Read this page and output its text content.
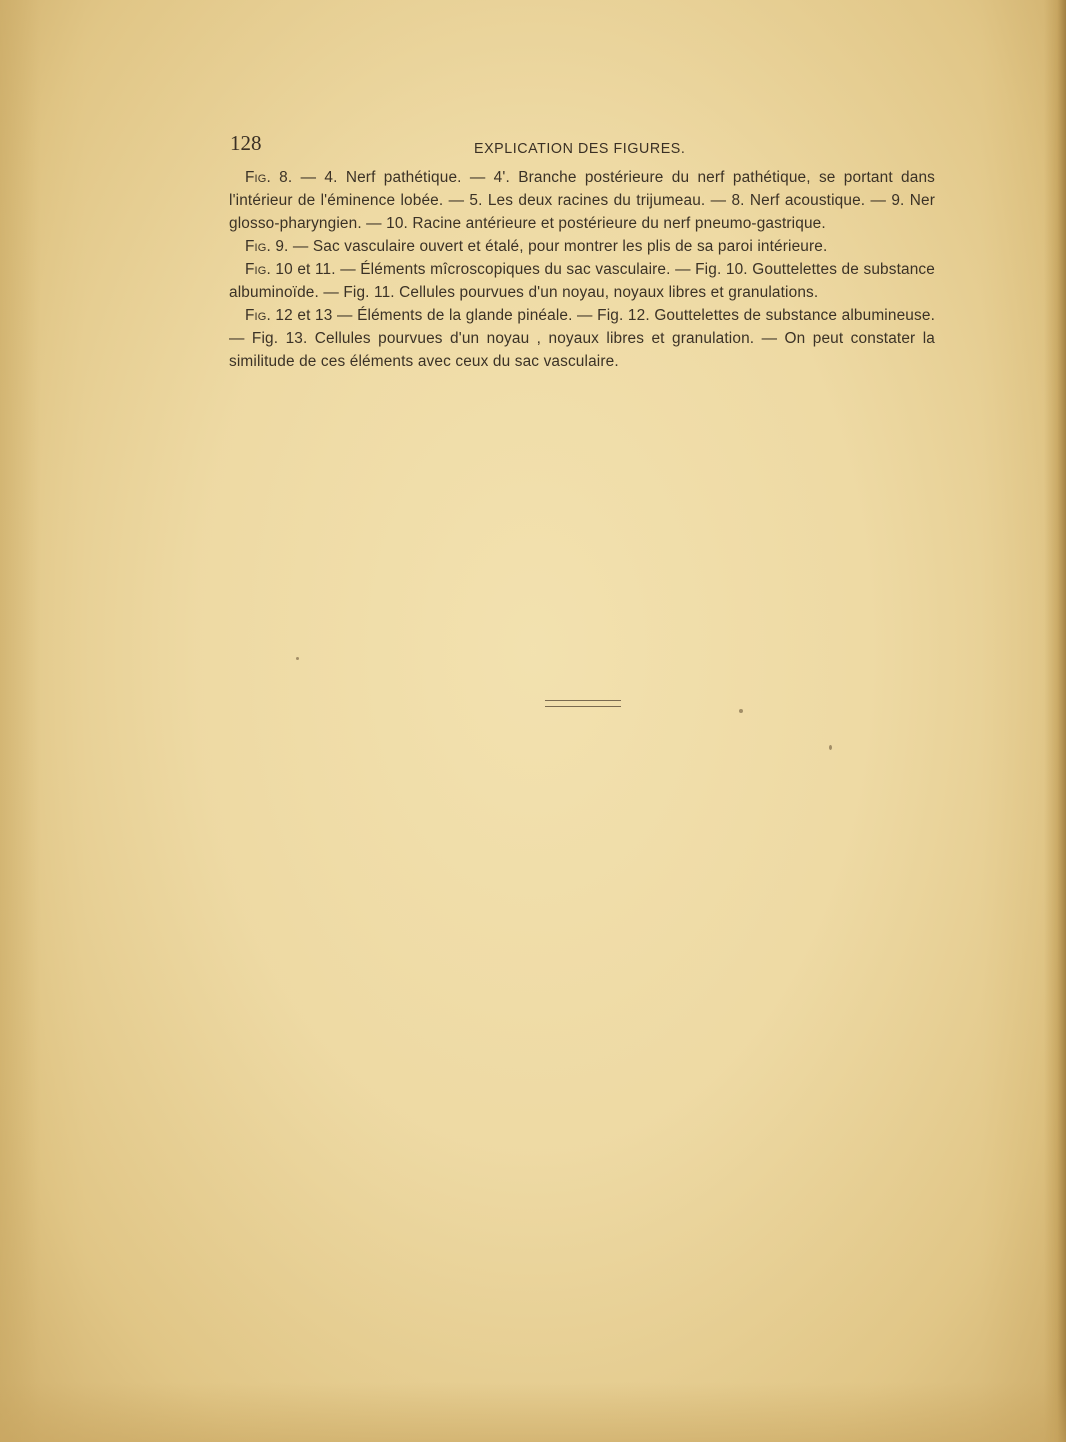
128	EXPLICATION DES FIGURES.

Fig. 8. — 4. Nerf pathétique. — 4'. Branche postérieure du nerf pathétique, se portant dans l'intérieur de l'éminence lobée. — 5. Les deux racines du trijumeau. — 8. Nerf acoustique. — 9. Ner glosso-pharyngien. — 10. Racine antérieure et postérieure du nerf pneumo-gastrique.

Fig. 9. — Sac vasculaire ouvert et étalé, pour montrer les plis de sa paroi intérieure.

Fig. 10 et 11. — Éléments mîcroscopiques du sac vasculaire. — Fig. 10. Gouttelettes de substance albuminoïde. — Fig. 11. Cellules pourvues d'un noyau, noyaux libres et granulations.

Fig. 12 et 13 — Éléments de la glande pinéale. — Fig. 12. Gouttelettes de substance albumineuse. — Fig. 13. Cellules pourvues d'un noyau , noyaux libres et granulation. — On peut constater la similitude de ces éléments avec ceux du sac vasculaire.
